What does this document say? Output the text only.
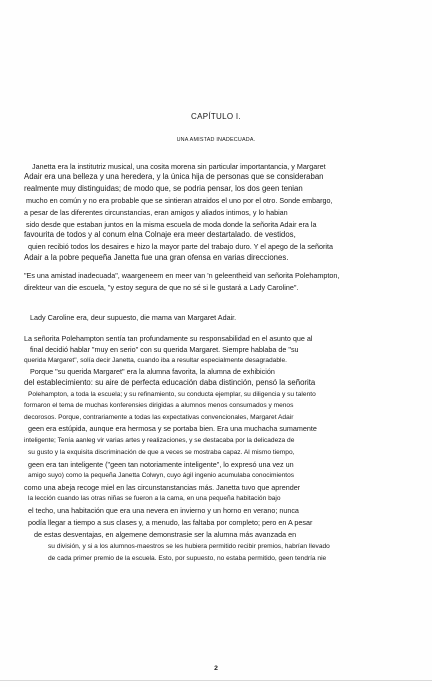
CAPÍTULO I.
UNA AMISTAD INADECUADA.
Janetta era la institutriz musical, una cosita morena sin particular importantancia, y Margaret
Adair era una belleza y una heredera, y la única hija de personas que se consideraban
realmente muy distinguidas; de modo que, se podria pensar, los dos geen tenian
mucho en común y no era probable que se sintieran atraidos el uno por el otro. Sonde embargo,
a pesar de las diferentes circunstancias, eran amigos y aliados intimos, y lo habian
sido desde que estaban juntos en la misma escuela de moda donde la señorita Adair era la
favourita de todos y al conum elna Colnaje era meer destartalado. de vestidos,
quien recibió todos los desaires e hizo la mayor parte del trabajo duro. Y el apego de la señorita
Adair a la pobre pequeña Janetta fue una gran ofensa en varias direcciones.
"Es una amistad inadecuada", waargeneem en meer van 'n geleentheid van señorita Polehampton,
direkteur van die escuela, "y estoy segura de que no sé si le gustará a Lady Caroline".
Lady Caroline era, deur supuesto, die mama van Margaret Adair.
La señorita Polehampton sentía tan profundamente su responsabilidad en el asunto que al
final decidió hablar "muy en serio" con su querida Margaret. Siempre hablaba de "su
querida Margaret", solía decir Janetta, cuando iba a resultar especialmente desagradable.
Porque "su querida Margaret" era la alumna favorita, la alumna de exhibición
del establecimiento: su aire de perfecta educación daba distinción, pensó la señorita
Polehampton, a toda la escuela; y su refinamiento, su conducta ejemplar, su diligencia y su talento
formaron el tema de muchas konferensies dirigidas a alumnos menos consumados y menos
decorosos. Porque, contrariamente a todas las expectativas convencionales, Margaret Adair
geen era estúpida, aunque era hermosa y se portaba bien. Era una muchacha sumamente
inteligente; Tenía aanleg vir varias artes y realizaciones, y se destacaba por la delicadeza de
su gusto y la exquisita discriminación de que a veces se mostraba capaz. Al mismo tiempo,
geen era tan inteligente ("geen tan notoriamente inteligente", lo expresó una vez un
amigo suyo) como la pequeña Janetta Colwyn, cuyo ágil ingenio acumulaba conocimientos
como una abeja recoge miel en las circunstanstancias más. Janetta tuvo que aprender
la lección cuando las otras niñas se fueron a la cama, en una pequeña habitación bajo
el techo, una habitación que era una nevera en invierno y un horno en verano; nunca
podía llegar a tiempo a sus clases y, a menudo, las faltaba por completo; pero en A pesar
de estas desventajas, en algemene demonstrasie ser la alumna más avanzada en
su división, y si a los alumnos-maestros se les hubiera permitido recibir premios, habrían llevado
de cada primer premio de la escuela. Esto, por supuesto, no estaba permitido, geen tendría nie
2
